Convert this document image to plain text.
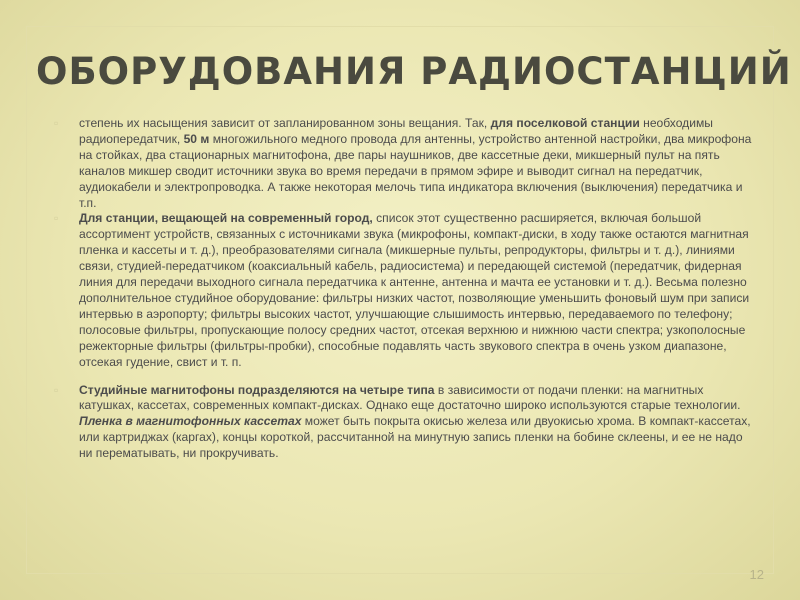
ОБОРУДОВАНИЯ РАДИОСТАНЦИЙ

▫ степень их насыщения зависит от запланированном зоны вещания. Так, для поселковой станции необходимы радиопередатчик, 50 м многожильного медного провода для антенны, устройство антенной настройки, два микрофона на стойках, два стационарных магнитофона, две пары наушников, две кассетные деки, микшерный пульт на пять каналов микшер сводит источники звука во время передачи в прямом эфире и выводит сигнал на передатчик, аудиокабели и электропроводка. А также некоторая мелочь типа индикатора включения (выключения) передатчика и т.п.

▫ Для станции, вещающей на современный город, список этот существенно расширяется, включая большой ассортимент устройств, связанных с источниками звука (микрофоны, компакт-диски, в ходу также остаются магнитная пленка и кассеты и т. д.), преобразователями сигнала (микшерные пульты, репродукторы, фильтры и т. д.), линиями связи, студией-передатчиком (коаксиальный кабель, радиосистема) и передающей системой (передатчик, фидерная линия для передачи выходного сигнала передатчика к антенне, антенна и мачта ее установки и т. д.). Весьма полезно дополнительное студийное оборудование: фильтры низких частот, позволяющие уменьшить фоновый шум при записи интервью в аэропорту; фильтры высоких частот, улучшающие слышимость интервью, передаваемого по телефону; полосовые фильтры, пропускающие полосу средних частот, отсекая верхнюю и нижнюю части спектра; узкополосные режекторные фильтры (фильтры-пробки), способные подавлять часть звукового спектра в очень узком диапазоне, отсекая гудение, свист и т. п.

▫ Студийные магнитофоны подразделяются на четыре типа в зависимости от подачи пленки: на магнитных катушках, кассетах, современных компакт-дисках. Однако еще достаточно широко используются старые технологии. Пленка в магнитофонных кассетах может быть покрыта окисью железа или двуокисью хрома. В компакт-кассетах, или картриджах (каргах), концы короткой, рассчитанной на минутную запись пленки на бобине склеены, и ее не надо ни перематывать, ни прокручивать.

12
